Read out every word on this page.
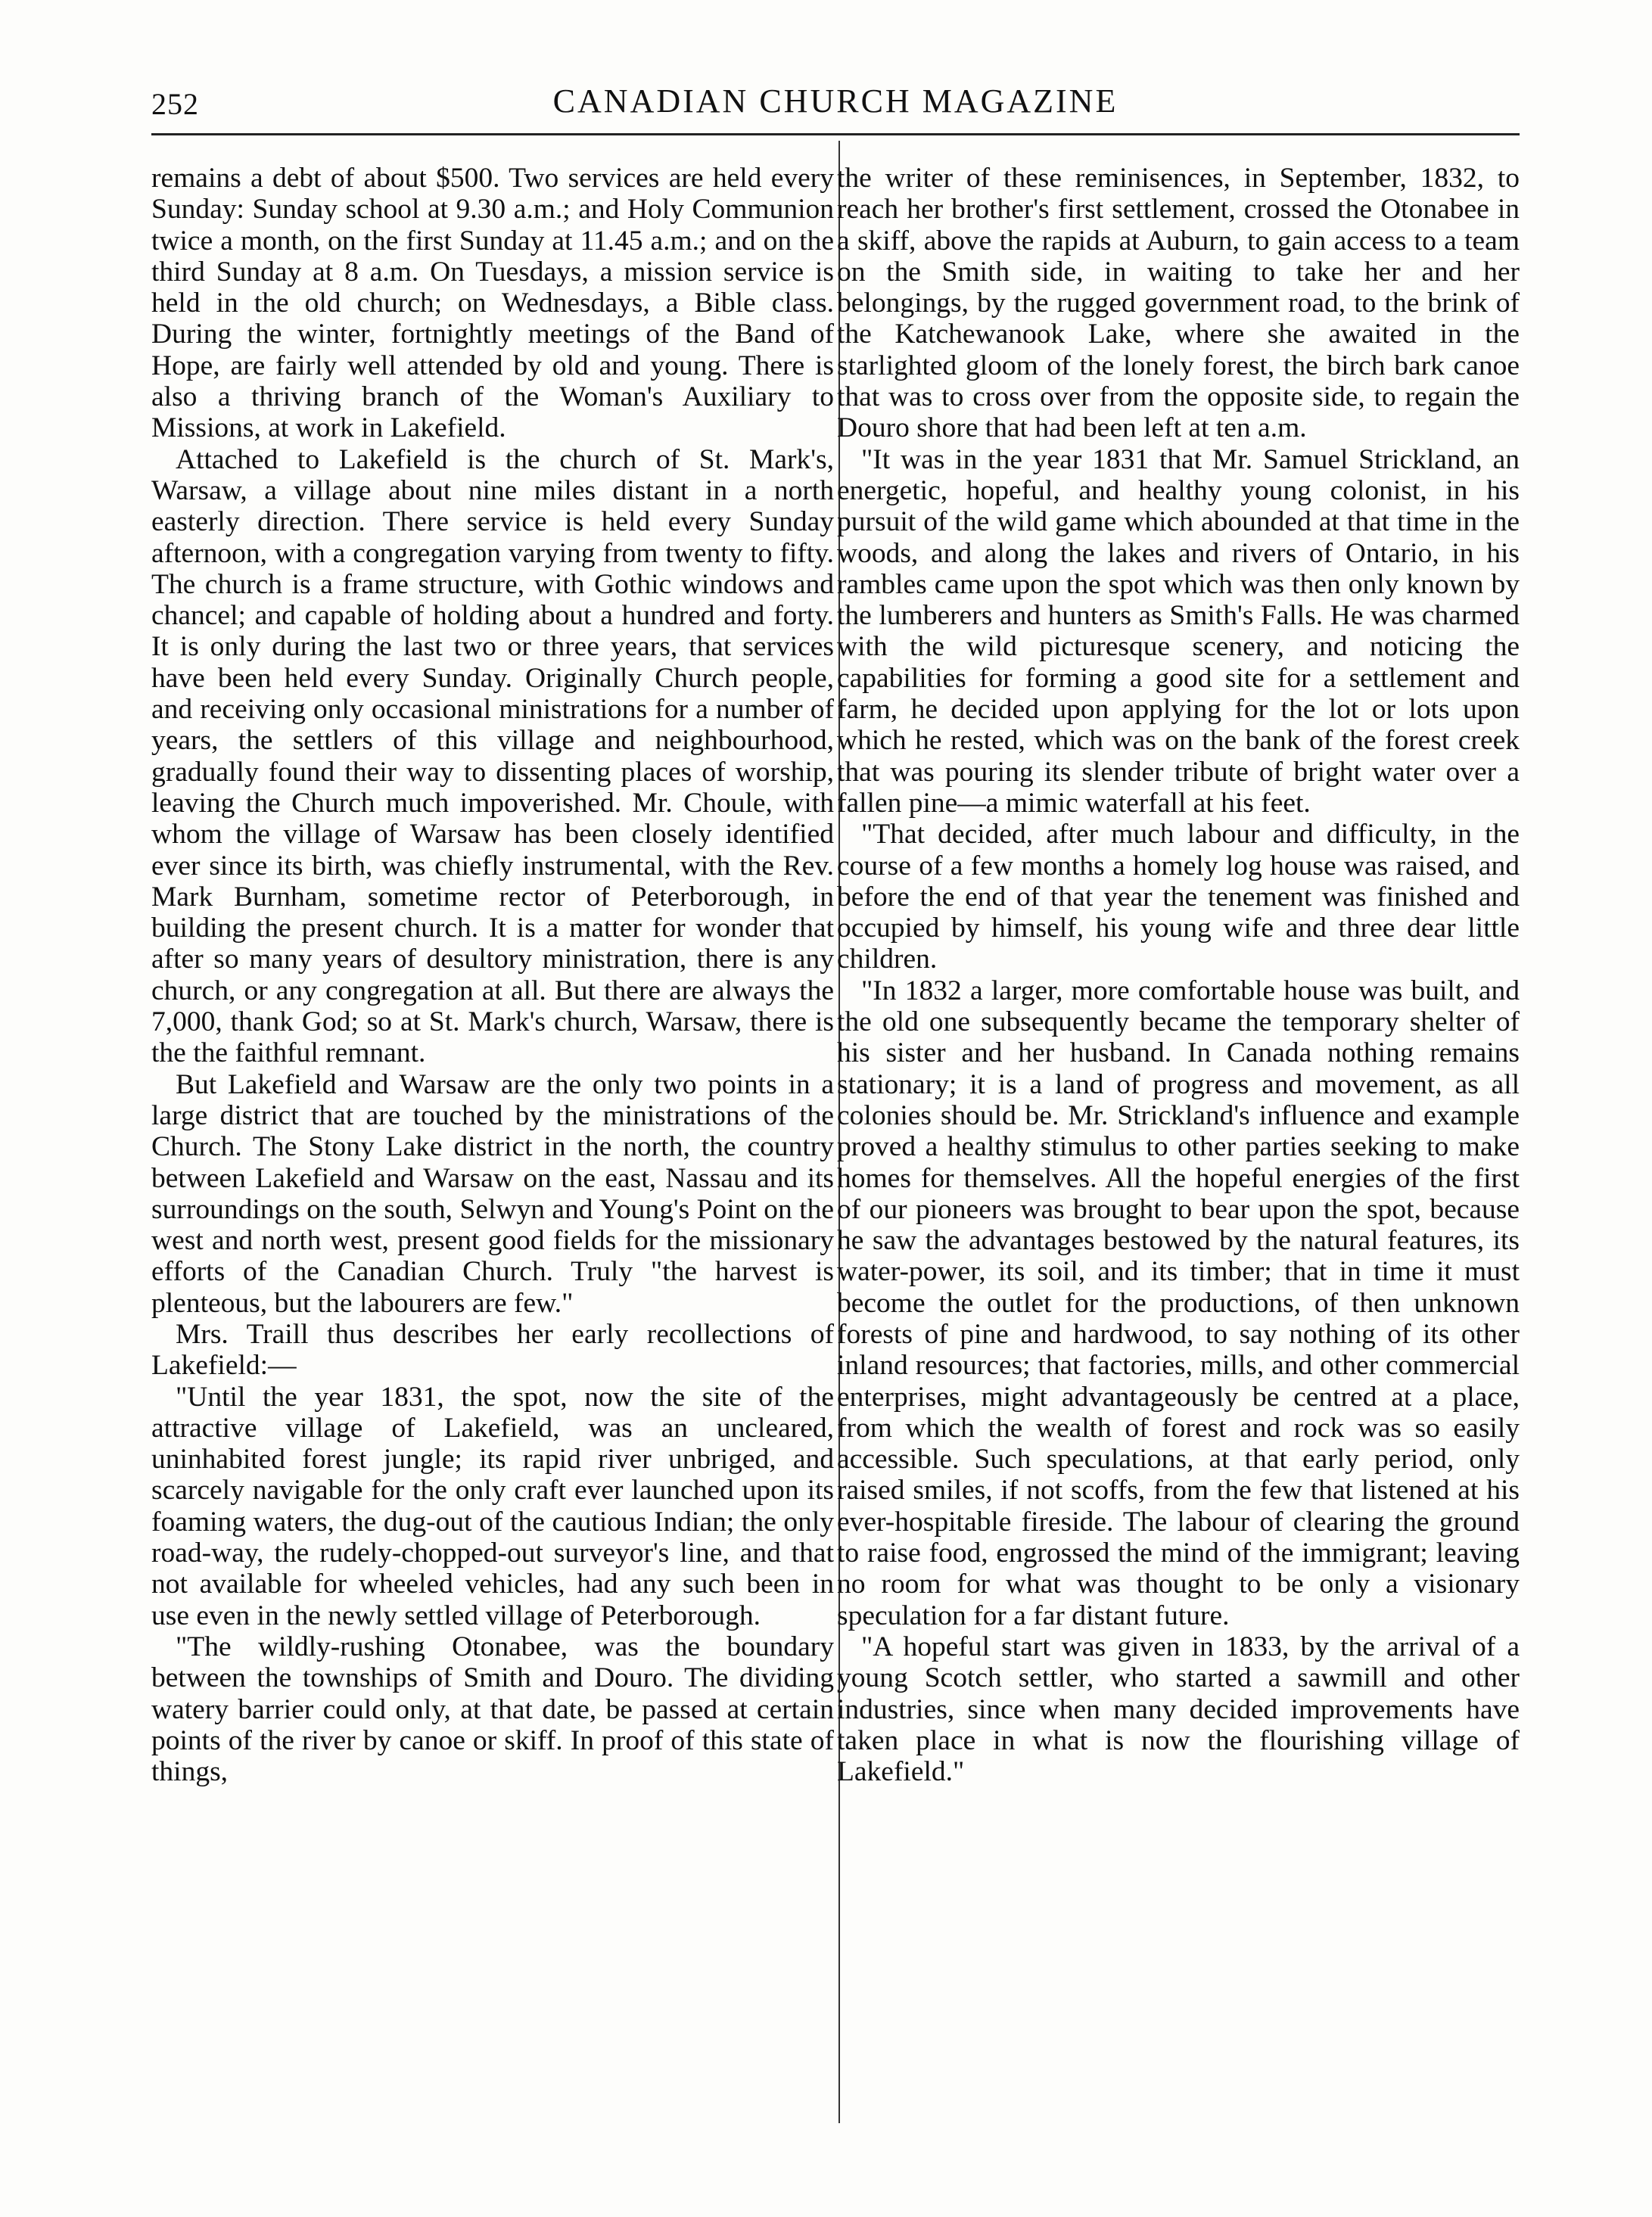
252	CANADIAN CHURCH MAGAZINE

remains a debt of about $500. Two services are held every Sunday: Sunday school at 9.30 a.m.; and Holy Communion twice a month, on the first Sunday at 11.45 a.m.; and on the third Sunday at 8 a.m. On Tuesdays, a mission service is held in the old church; on Wednesdays, a Bible class. During the winter, fortnightly meetings of the Band of Hope, are fairly well attended by old and young. There is also a thriving branch of the Woman's Auxiliary to Missions, at work in Lakefield.

Attached to Lakefield is the church of St. Mark's, Warsaw, a village about nine miles distant in a north easterly direction. There service is held every Sunday afternoon, with a congregation varying from twenty to fifty. The church is a frame structure, with Gothic windows and chancel; and capable of holding about a hundred and forty. It is only during the last two or three years, that services have been held every Sunday. Originally Church people, and receiving only occasional ministrations for a number of years, the settlers of this village and neighbourhood, gradually found their way to dissenting places of worship, leaving the Church much impoverished. Mr. Choule, with whom the village of Warsaw has been closely identified ever since its birth, was chiefly instrumental, with the Rev. Mark Burnham, sometime rector of Peterborough, in building the present church. It is a matter for wonder that after so many years of desultory ministration, there is any church, or any congregation at all. But there are always the 7,000, thank God; so at St. Mark's church, Warsaw, there is the the faithful remnant.

But Lakefield and Warsaw are the only two points in a large district that are touched by the ministrations of the Church. The Stony Lake district in the north, the country between Lakefield and Warsaw on the east, Nassau and its surroundings on the south, Selwyn and Young's Point on the west and north west, present good fields for the missionary efforts of the Canadian Church. Truly "the harvest is plenteous, but the labourers are few."

Mrs. Traill thus describes her early recollections of Lakefield:—

"Until the year 1831, the spot, now the site of the attractive village of Lakefield, was an uncleared, uninhabited forest jungle; its rapid river unbriged, and scarcely navigable for the only craft ever launched upon its foaming waters, the dug-out of the cautious Indian; the only road-way, the rudely-chopped-out surveyor's line, and that not available for wheeled vehicles, had any such been in use even in the newly settled village of Peterborough.

"The wildly-rushing Otonabee, was the boundary between the townships of Smith and Douro. The dividing watery barrier could only, at that date, be passed at certain points of the river by canoe or skiff. In proof of this state of things,

the writer of these reminisences, in September, 1832, to reach her brother's first settlement, crossed the Otonabee in a skiff, above the rapids at Auburn, to gain access to a team on the Smith side, in waiting to take her and her belongings, by the rugged government road, to the brink of the Katchewanook Lake, where she awaited in the starlighted gloom of the lonely forest, the birch bark canoe that was to cross over from the opposite side, to regain the Douro shore that had been left at ten a.m.

"It was in the year 1831 that Mr. Samuel Strickland, an energetic, hopeful, and healthy young colonist, in his pursuit of the wild game which abounded at that time in the woods, and along the lakes and rivers of Ontario, in his rambles came upon the spot which was then only known by the lumberers and hunters as Smith's Falls. He was charmed with the wild picturesque scenery, and noticing the capabilities for forming a good site for a settlement and farm, he decided upon applying for the lot or lots upon which he rested, which was on the bank of the forest creek that was pouring its slender tribute of bright water over a fallen pine—a mimic waterfall at his feet.

"That decided, after much labour and difficulty, in the course of a few months a homely log house was raised, and before the end of that year the tenement was finished and occupied by himself, his young wife and three dear little children.

"In 1832 a larger, more comfortable house was built, and the old one subsequently became the temporary shelter of his sister and her husband. In Canada nothing remains stationary; it is a land of progress and movement, as all colonies should be. Mr. Strickland's influence and example proved a healthy stimulus to other parties seeking to make homes for themselves. All the hopeful energies of the first of our pioneers was brought to bear upon the spot, because he saw the advantages bestowed by the natural features, its water-power, its soil, and its timber; that in time it must become the outlet for the productions, of then unknown forests of pine and hardwood, to say nothing of its other inland resources; that factories, mills, and other commercial enterprises, might advantageously be centred at a place, from which the wealth of forest and rock was so easily accessible. Such speculations, at that early period, only raised smiles, if not scoffs, from the few that listened at his ever-hospitable fireside. The labour of clearing the ground to raise food, engrossed the mind of the immigrant; leaving no room for what was thought to be only a visionary speculation for a far distant future.

"A hopeful start was given in 1833, by the arrival of a young Scotch settler, who started a sawmill and other industries, since when many decided improvements have taken place in what is now the flourishing village of Lakefield."
